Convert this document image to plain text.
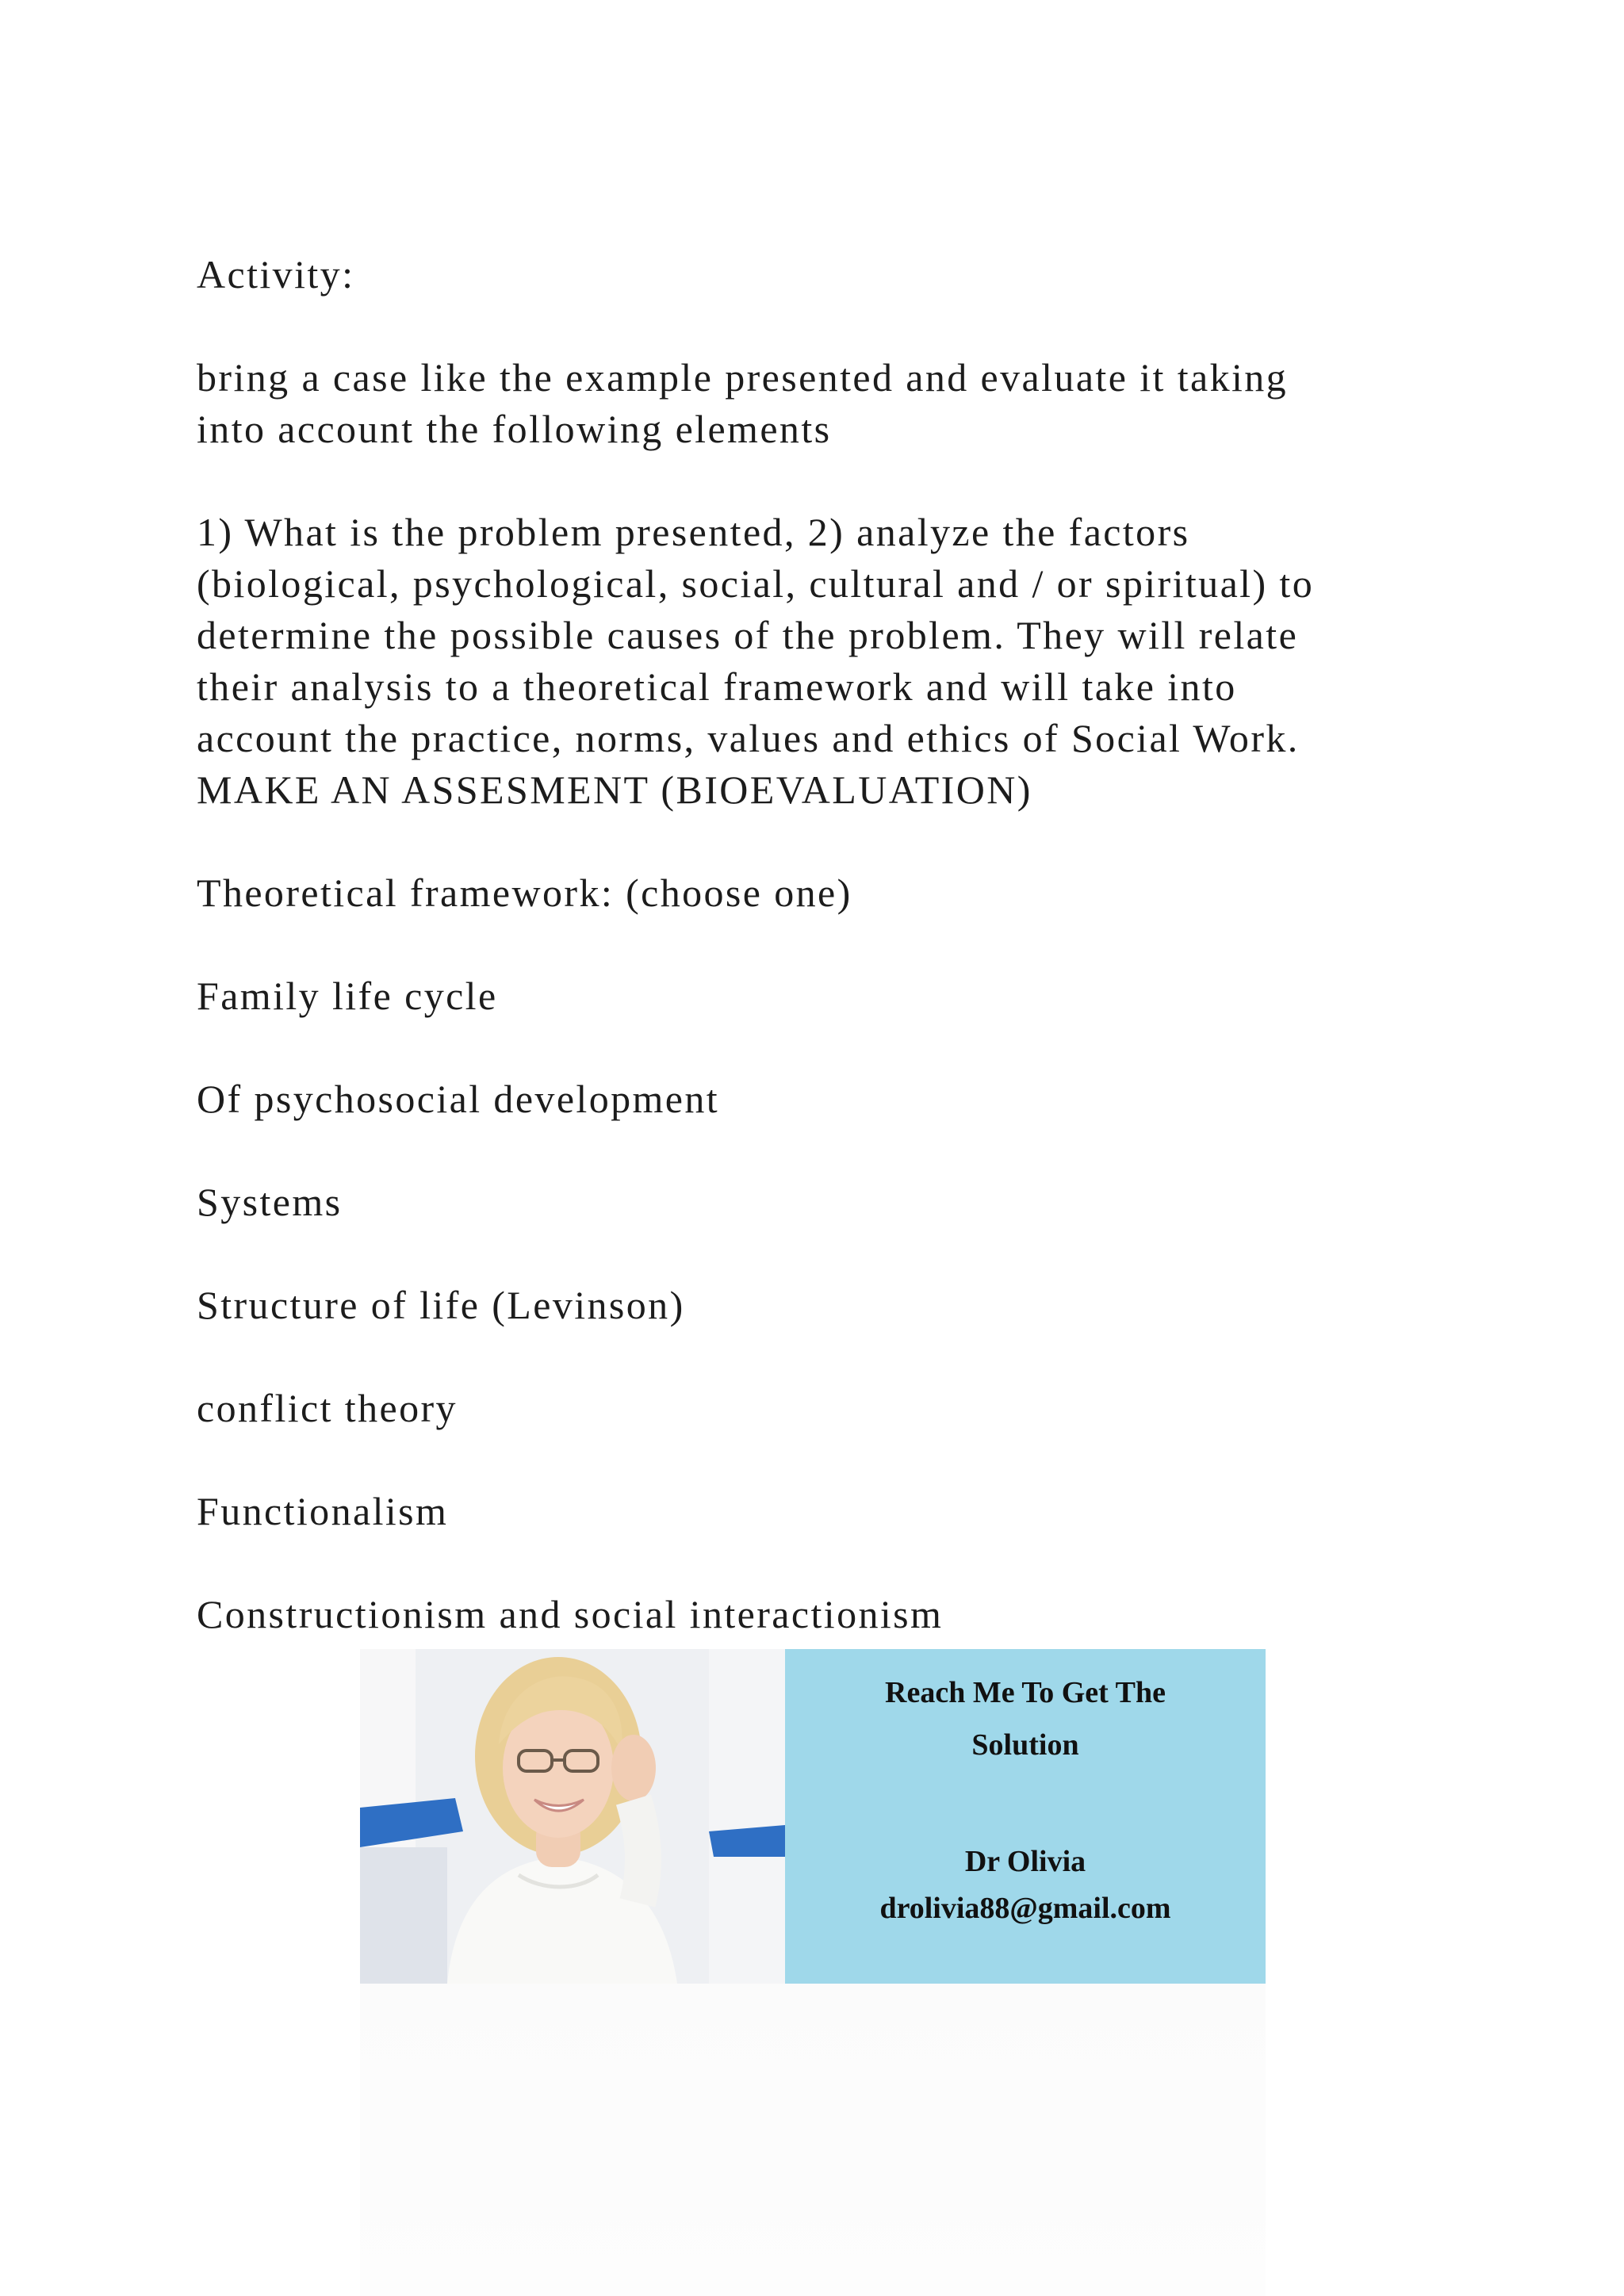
Activity:

bring a case like the example presented and evaluate it taking
into account the following elements

1) What is the problem presented, 2) analyze the factors
(biological, psychological, social, cultural and / or spiritual) to
determine the possible causes of the problem. They will relate
their analysis to a theoretical framework and will take into
account the practice, norms, values and ethics of Social Work.
MAKE AN ASSESMENT (BIOEVALUATION)

Theoretical framework: (choose one)

Family life cycle

Of psychosocial development

Systems

Structure of life (Levinson)

conflict theory

Functionalism

Constructionism and social interactionism
Reach Me To Get The
Solution
Dr Olivia
drolivia88@gmail.com
